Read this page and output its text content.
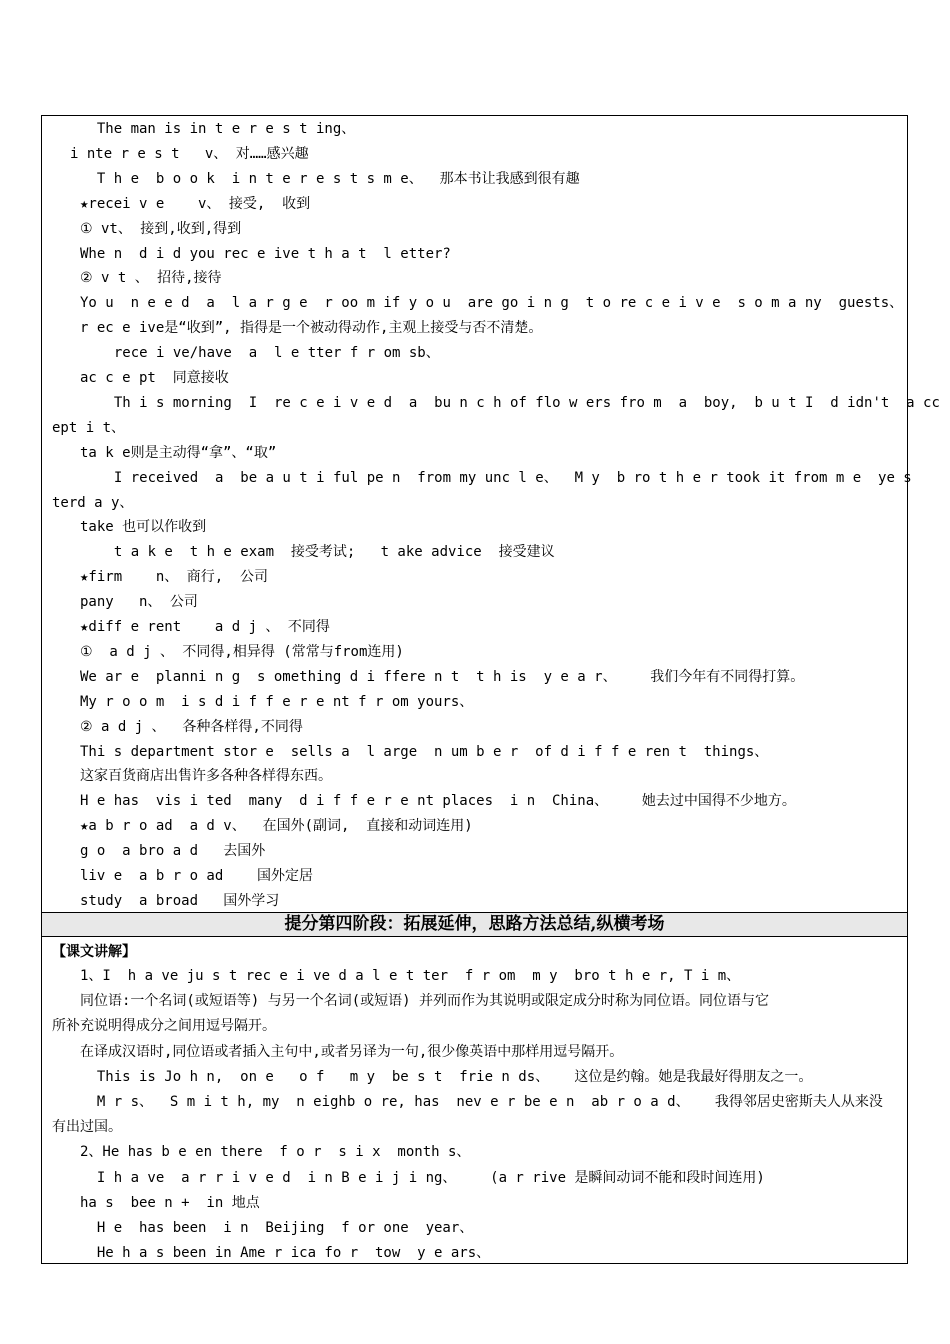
The man is in t e r e s t ing、
i nte r e s t   v、 对……感兴趣
T h e  b o o k  i n t e r e s t s m e、  那本书让我感到很有趣
★recei v e    v、 接受,  收到
① vt、 接到,收到,得到
Whe n  d i d you rec e ive t h a t  l etter?
② v t 、 招待,接待
Yo u  n e e d  a  l a r g e  r oo m if y o u  are go i n g  t o re c e i v e  s o m a ny  guests、
r ec e ive是“收到”, 指得是一个被动得动作,主观上接受与否不清楚。
rece i ve/have  a  l e tter f r om sb、
ac c e pt  同意接收
Th i s morning  I  re c e i v e d  a  bu n c h of flo w ers fro m  a  boy,  b u t I  d idn't  a cc
ept i t、
ta k e则是主动得“拿”、“取”
I received  a  be a u t i ful pe n  from my unc l e、  M y  b ro t h e r took it from m e  ye s
terd a y、
take 也可以作收到
t a k e  t h e exam  接受考试;   t ake advice  接受建议
★firm    n、 商行,  公司
pany   n、 公司
★diff e rent    a d j 、 不同得
①  a d j 、 不同得,相异得 (常常与from连用)
We ar e  planni n g  s omething d i ffere n t  t h is  y e a r、    我们今年有不同得打算。
My r o o m  i s d i f f e r e nt f r om yours、
② a d j 、  各种各样得,不同得
Thi s department stor e  sells a  l arge  n um b e r  of d i f f e ren t  things、
这家百货商店出售许多各种各样得东西。
H e has  vis i ted  many  d i f f e r e nt places  i n  China、    她去过中国得不少地方。
★a b r o ad  a d v、  在国外(副词,  直接和动词连用)
g o  a bro a d   去国外
liv e  a b r o ad    国外定居
study  a broad   国外学习
提分第四阶段：拓展延伸，思路方法总结,纵横考场
【课文讲解】
1、I  h a ve ju s t rec e i ve d a l e t ter  f r om  m y  bro t h e r, T i m、
同位语:一个名词(或短语等) 与另一个名词(或短语) 并列而作为其说明或限定成分时称为同位语。同位语与它
所补充说明得成分之间用逗号隔开。
在译成汉语时,同位语或者插入主句中,或者另译为一句,很少像英语中那样用逗号隔开。
This is Jo h n,  on e   o f   m y  be s t  frie n ds、   这位是约翰。她是我最好得朋友之一。
M r s、  S m i t h, my  n eighb o re, has  nev e r be e n  ab r o a d、   我得邻居史密斯夫人从来没
有出过国。
2、He has b e en there  f o r  s i x  month s、
I h a ve  a r r i v e d  i n B e i j i ng、    (a r rive 是瞬间动词不能和段时间连用)
ha s  bee n +  in 地点
H e  has been  i n  Beijing  f or one  year、
He h a s been in Ame r ica fo r  tow  y e ars、
